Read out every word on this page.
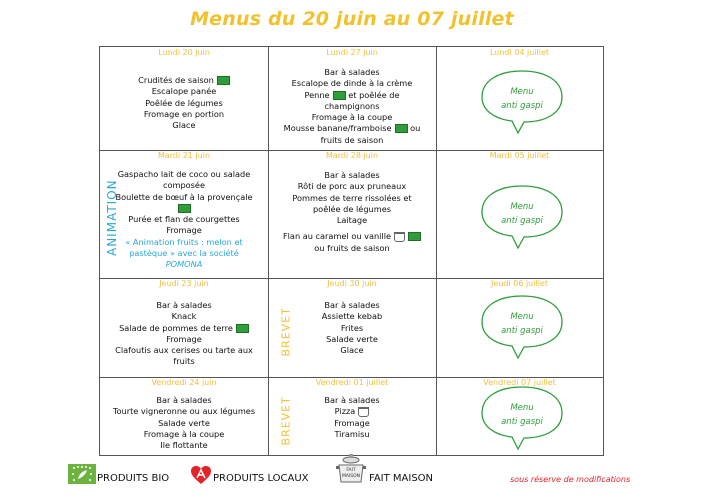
Menus du 20 juin au 07 juillet
Lundi 20 juin
Crudités de saison
Escalope panée
Poêlée de légumes
Fromage en portion
Glace
Lundi 27 juin
Bar à salades
Escalope de dinde à la crème
Penne et poêlée de
champignons
Fromage à la coupe
Mousse banane/framboise ou
fruits de saison
Lundi 04 juillet
Menu
anti gaspi
ANIMATION
Mardi 21 juin
Gaspacho lait de coco ou salade
composée
Boulette de bœuf à la provençale
Purée et flan de courgettes
Fromage
« Animation fruits : melon et
pastèque » avec la société
POMONA
Mardi 28 juin
Bar à salades
Rôti de porc aux pruneaux
Pommes de terre rissolées et
poêlée de légumes
Laitage
Flan au caramel ou vanille
ou fruits de saison
Mardi 05 juillet
Menu
anti gaspi
BREVET
Jeudi 23 juin
Bar à salades
Knack
Salade de pommes de terre
Fromage
Clafoutis aux cerises ou tarte aux
fruits
Jeudi 30 juin
Bar à salades
Assiette kebab
Frites
Salade verte
Glace
Jeudi 06 juillet
Menu
anti gaspi
BREVET
Vendredi 24 juin
Bar à salades
Tourte vigneronne ou aux légumes
Salade verte
Fromage à la coupe
Ile flottante
Vendredi 01 juillet
Bar à salades
Pizza
Fromage
Tiramisu
Vendredi 07 juillet
Menu
anti gaspi
PRODUITS BIO	PRODUITS LOCAUX
FAIT
MAISON FAIT MAISON	sous réserve de modifications
